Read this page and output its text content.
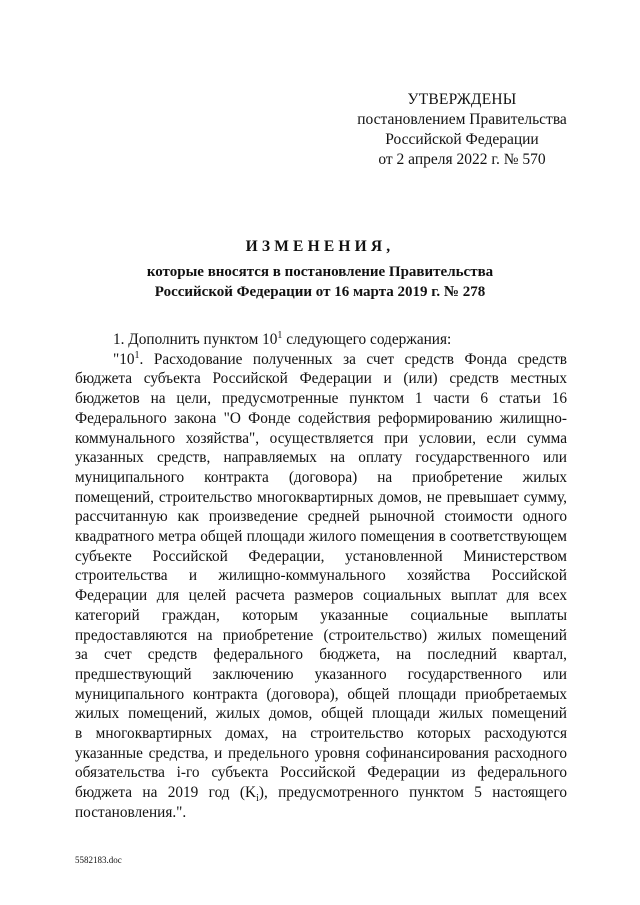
УТВЕРЖДЕНЫ
постановлением Правительства
Российской Федерации
от 2 апреля 2022 г. № 570
ИЗМЕНЕНИЯ,
которые вносятся в постановление Правительства
Российской Федерации от 16 марта 2019 г. № 278
1. Дополнить пунктом $10^1$ следующего содержания:
"$10^1$. Расходование полученных за счет средств Фонда средств
бюджета субъекта Российской Федерации и (или) средств местных
бюджетов на цели, предусмотренные пунктом 1 части 6 статьи 16
Федерального закона "О Фонде содействия реформированию жилищно-
коммунального хозяйства", осуществляется при условии, если сумма
указанных средств, направляемых на оплату государственного или
муниципального контракта (договора) на приобретение жилых
помещений, строительство многоквартирных домов, не превышает сумму,
рассчитанную как произведение средней рыночной стоимости одного
квадратного метра общей площади жилого помещения в соответствующем
субъекте Российской Федерации, установленной Министерством
строительства и жилищно-коммунального хозяйства Российской
Федерации для целей расчета размеров социальных выплат для всех
категорий граждан, которым указанные социальные выплаты
предоставляются на приобретение (строительство) жилых помещений
за счет средств федерального бюджета, на последний квартал,
предшествующий заключению указанного государственного или
муниципального контракта (договора), общей площади приобретаемых
жилых помещений, жилых домов, общей площади жилых помещений
в многоквартирных домах, на строительство которых расходуются
указанные средства, и предельного уровня софинансирования расходного
обязательства i-го субъекта Российской Федерации из федерального
бюджета на 2019 год $(K_i)$, предусмотренного пунктом 5 настоящего
постановления.".
5582183.doc
